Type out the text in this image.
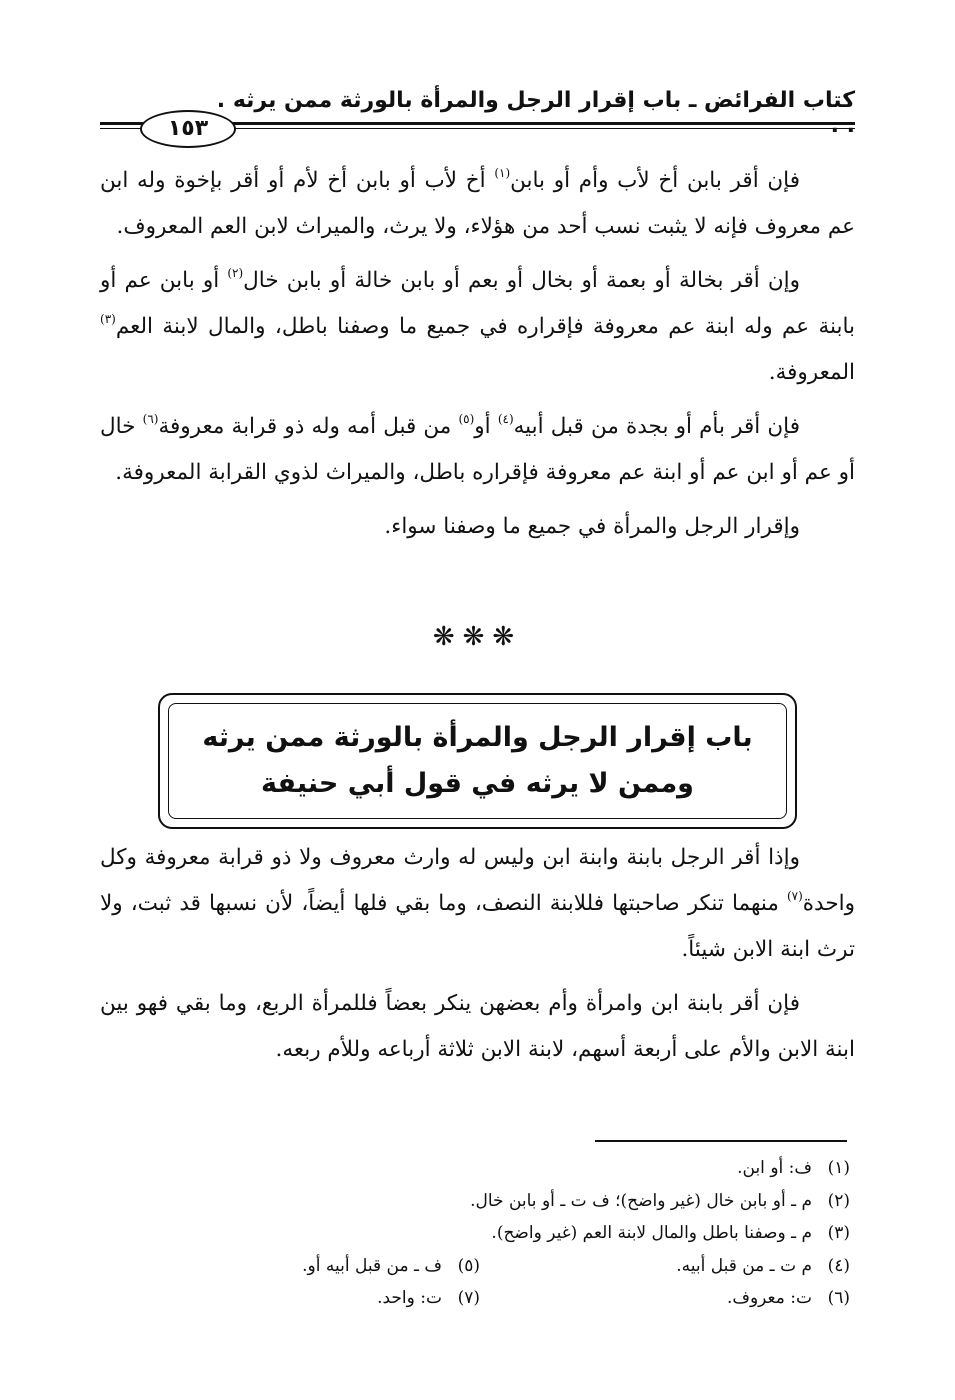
كتاب الفرائض ـ باب إقرار الرجل والمرأة بالورثة ممن يرثه . . .
١٥٣

فإن أقر بابن أخ لأب وأم أو بابن$^{(١)}$ أخ لأب أو بابن أخ لأم أو أقر بإخوة وله ابن عم معروف فإنه لا يثبت نسب أحد من هؤلاء، ولا يرث، والميراث لابن العم المعروف.

وإن أقر بخالة أو بعمة أو بخال أو بعم أو بابن خالة أو بابن خال$^{(٢)}$ أو بابن عم أو بابنة عم وله ابنة عم معروفة فإقراره في جميع ما وصفنا باطل، والمال لابنة العم$^{(٣)}$ المعروفة.

فإن أقر بأم أو بجدة من قبل أبيه$^{(٤)}$ أو$^{(٥)}$ من قبل أمه وله ذو قرابة معروفة$^{(٦)}$ خال أو عم أو ابن عم أو ابنة عم معروفة فإقراره باطل، والميراث لذوي القرابة المعروفة.

وإقرار الرجل والمرأة في جميع ما وصفنا سواء.

❋❋❋
باب إقرار الرجل والمرأة بالورثة ممن يرثه
وممن لا يرثه في قول أبي حنيفة

وإذا أقر الرجل بابنة وابنة ابن وليس له وارث معروف ولا ذو قرابة معروفة وكل واحدة$^{(٧)}$ منهما تنكر صاحبتها فللابنة النصف، وما بقي فلها أيضاً، لأن نسبها قد ثبت، ولا ترث ابنة الابن شيئاً.

فإن أقر بابنة ابن وامرأة وأم بعضهن ينكر بعضاً فللمرأة الربع، وما بقي فهو بين ابنة الابن والأم على أربعة أسهم، لابنة الابن ثلاثة أرباعه وللأم ربعه.

(١)
ف: أو ابن.
(٢)
م ـ أو بابن خال (غير واضح)؛ ف ت ـ أو بابن خال.
(٣)
م ـ وصفنا باطل والمال لابنة العم (غير واضح).
(٤)
م ت ـ من قبل أبيه.
(٥)
ف ـ من قبل أبيه أو.
(٦)
ت: معروف.
(٧)
ت: واحد.
